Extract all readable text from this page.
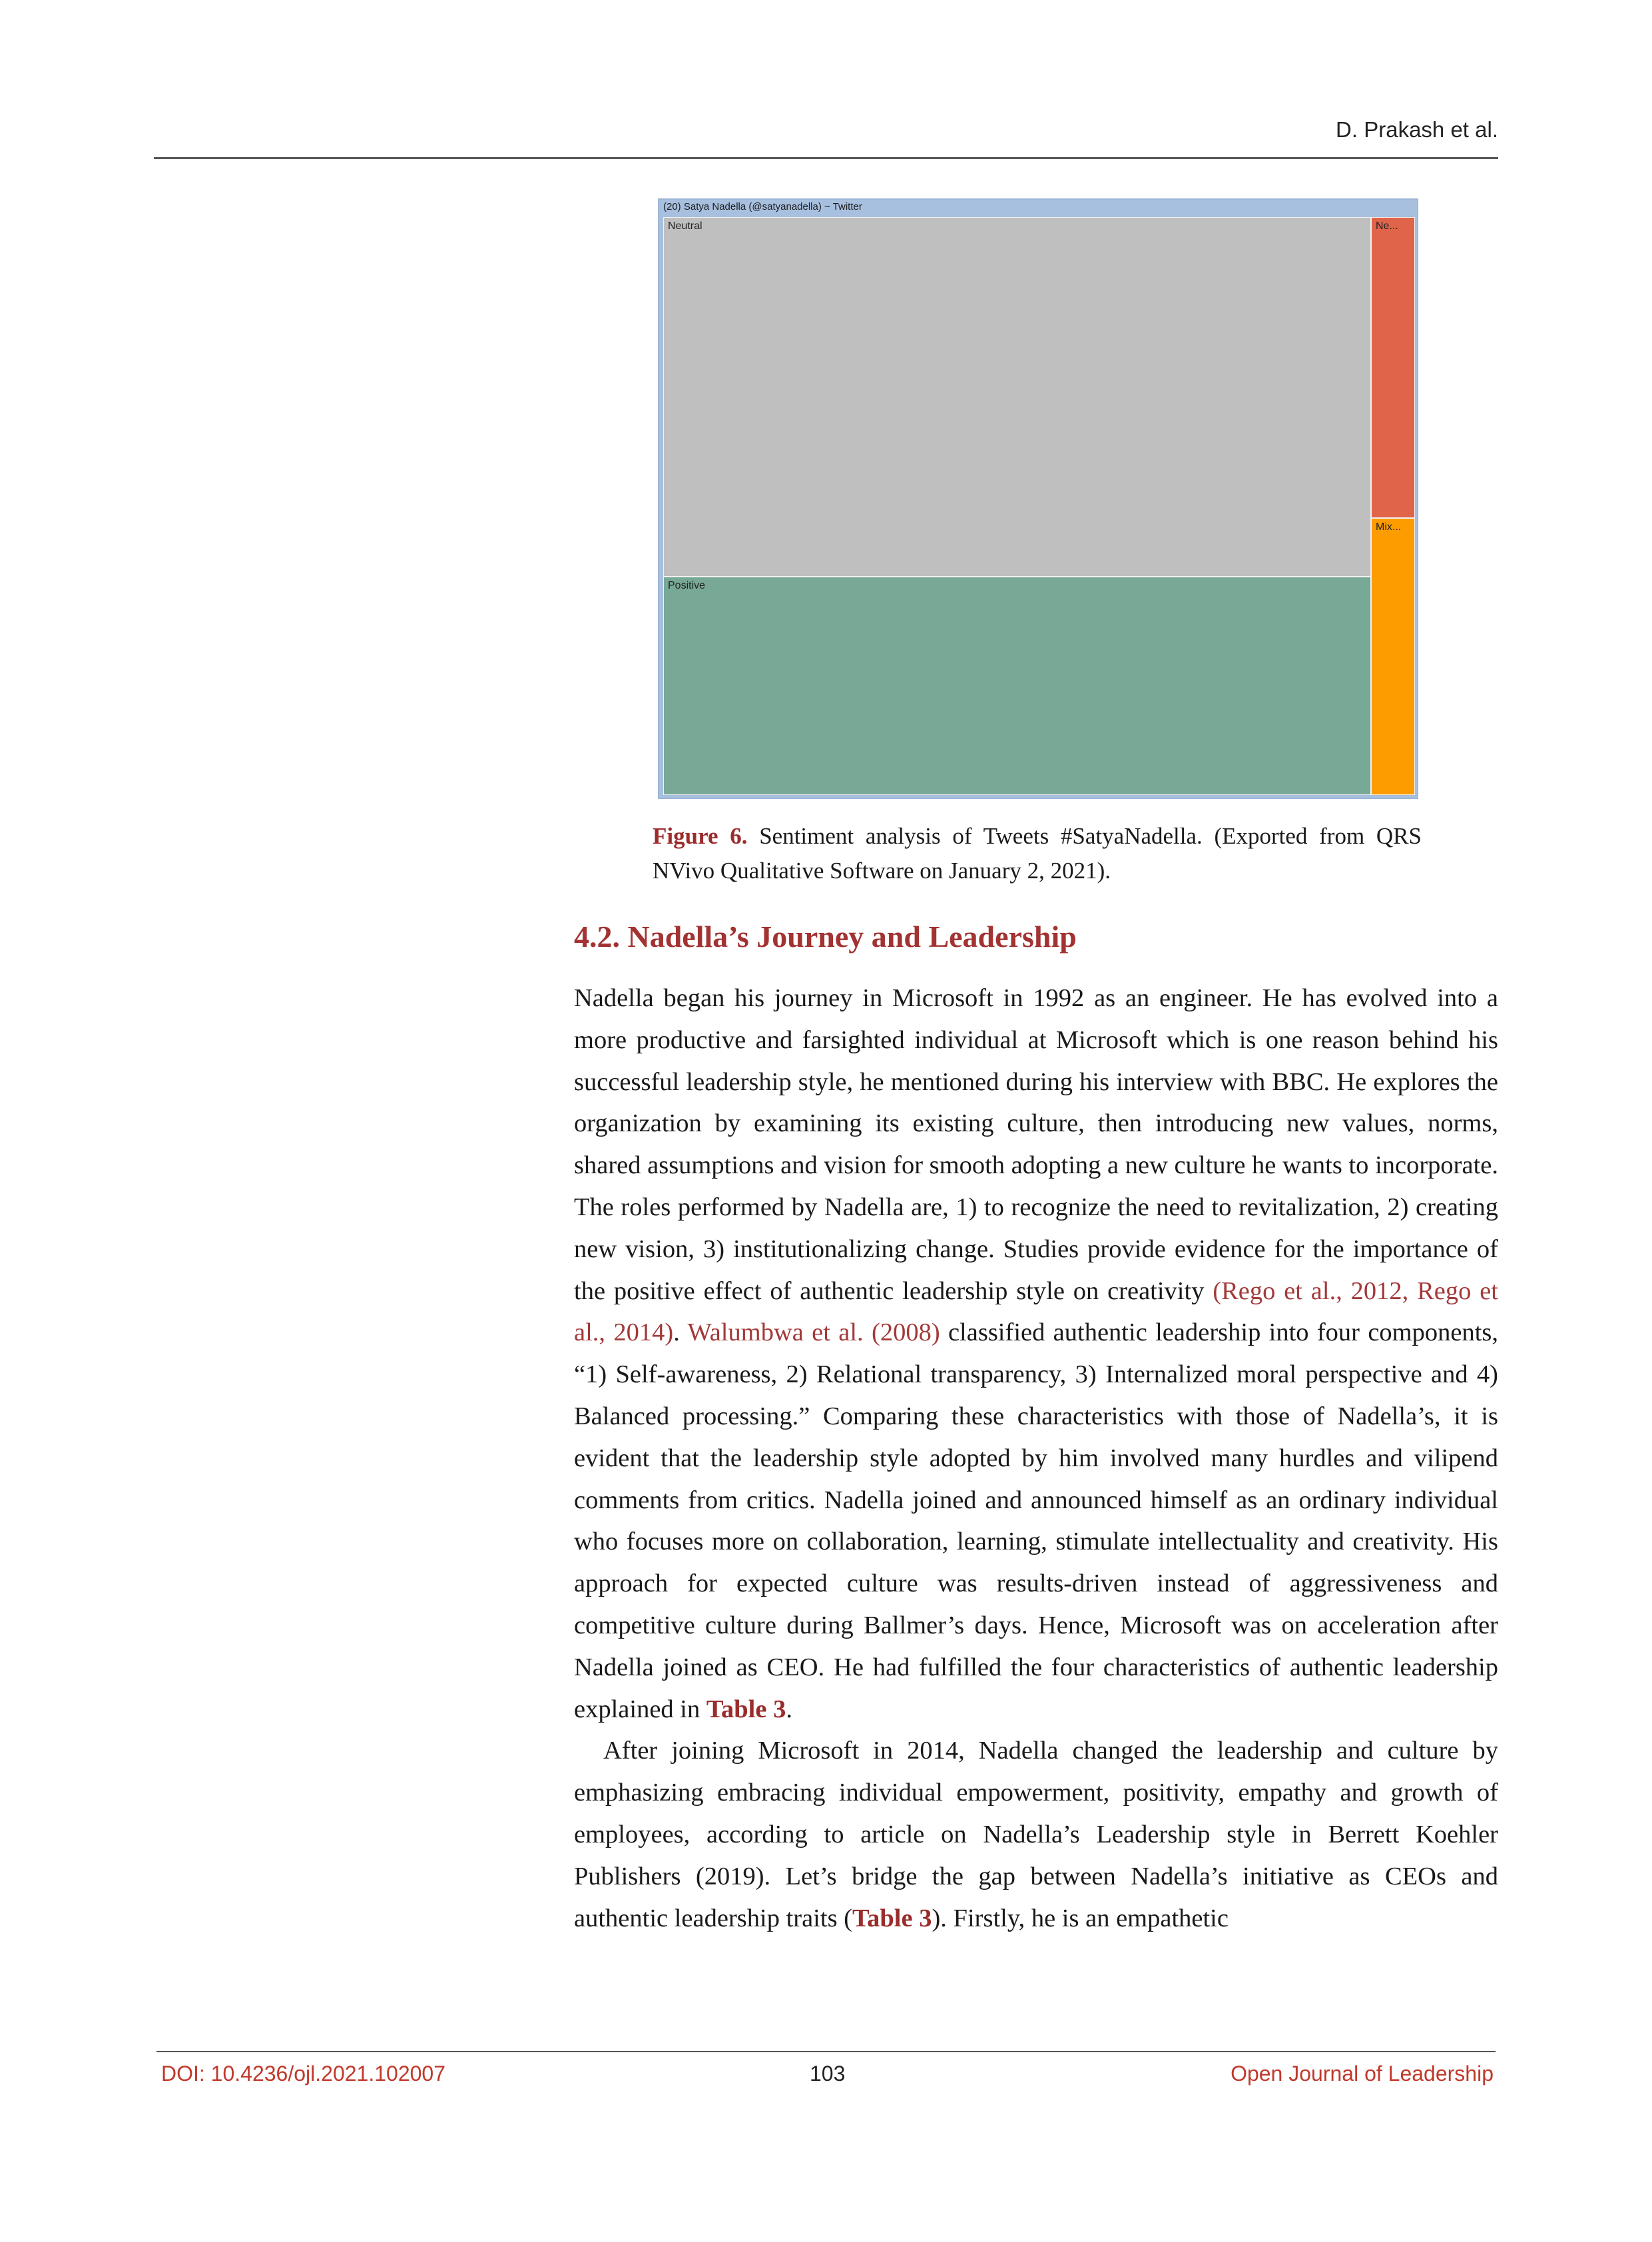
D. Prakash et al.
(20) Satya Nadella (@satyanadella) ~ Twitter
Neutral
Positive
Ne...
Mix...
Figure 6. Sentiment analysis of Tweets #SatyaNadella. (Exported from QRS NVivo Qualitative Software on January 2, 2021).
4.2. Nadella’s Journey and Leadership

Nadella began his journey in Microsoft in 1992 as an engineer. He has evolved into a more productive and farsighted individual at Microsoft which is one reason behind his successful leadership style, he mentioned during his interview with BBC. He explores the organization by examining its existing culture, then introducing new values, norms, shared assumptions and vision for smooth adopting a new culture he wants to incorporate. The roles performed by Nadella are, 1) to recognize the need to revitalization, 2) creating new vision, 3) institutionalizing change. Studies provide evidence for the importance of the positive effect of authentic leadership style on creativity (Rego et al., 2012, Rego et al., 2014). Walumbwa et al. (2008) classified authentic leadership into four components, “1) Self-awareness, 2) Relational transparency, 3) Internalized moral perspective and 4) Balanced processing.” Comparing these characteristics with those of Nadella’s, it is evident that the leadership style adopted by him involved many hurdles and vilipend comments from critics. Nadella joined and announced himself as an ordinary individual who focuses more on collaboration, learning, stimulate intellectuality and creativity. His approach for expected culture was results-driven instead of aggressiveness and competitive culture during Ballmer’s days. Hence, Microsoft was on acceleration after Nadella joined as CEO. He had fulfilled the four characteristics of authentic leadership explained in Table 3.

After joining Microsoft in 2014, Nadella changed the leadership and culture by emphasizing embracing individual empowerment, positivity, empathy and growth of employees, according to article on Nadella’s Leadership style in Berrett Koehler Publishers (2019). Let’s bridge the gap between Nadella’s initiative as CEOs and authentic leadership traits (Table 3). Firstly, he is an empathetic

DOI: 10.4236/ojl.2021.102007	103	Open Journal of Leadership
